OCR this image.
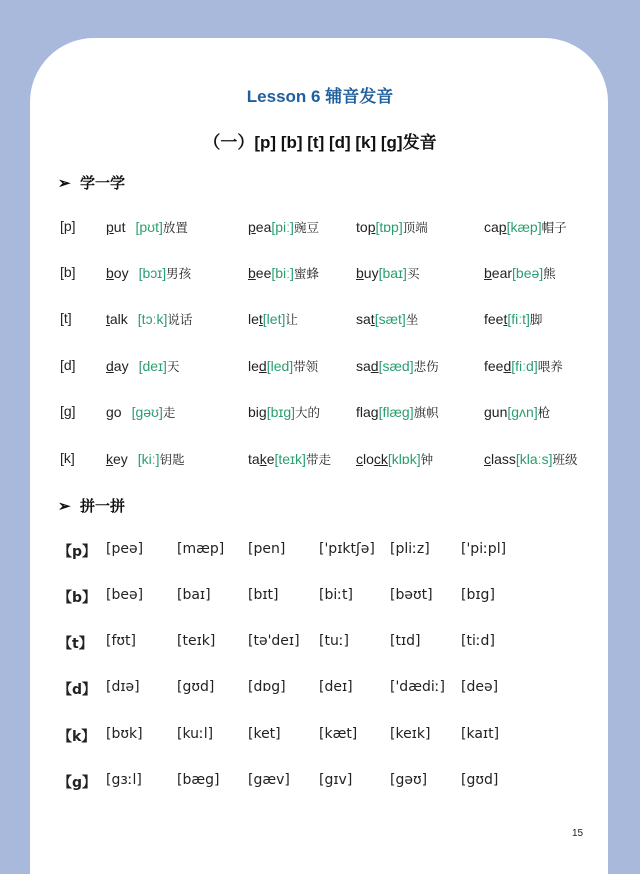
Lesson 6 辅音发音
（一）[p] [b] [t] [d] [k] [g]发音
➢ 学一学
[p] put [pʊt]放置	pea[piː]豌豆	top[tɒp]顶端	cap[kæp]帽子
[b] boy [bɔɪ]男孩	bee[biː]蜜蜂	buy[baɪ]买	bear[beə]熊
[t] talk [tɔːk]说话	let[let]让	sat[sæt]坐	feet[fiːt]脚
[d] day [deɪ]天	led[led]带领	sad[sæd]悲伤	feed[fiːd]喂养
[g] go [gəʊ]走	big[bɪg]大的	flag[flæg]旗帜	gun[gʌn]枪
[k] key [kiː]钥匙	take[teɪk]带走 clock[klɒk]钟	class[klaːs]班级
➢ 拼一拼
【p】 [peə] [mæp] [pen] ['pɪktʃə] [pliːz] ['piːpl]
【b】 [beə] [baɪ]	[bɪt]	[biːt]	[bəʊt] [bɪg]
【t】 [fʊt]	[teɪk] [tə'deɪ] [tuː]	[tɪd]	[tiːd]
【d】 [dɪə]	[gʊd] [dɒg] [deɪ]	['dædiː] [deə]
【k】 [bʊk] [kuːl] [ket]	[kæt] [keɪk] [kaɪt]
【g】 [gɜːl]	[bæg] [gæv] [gɪv]	[gəʊ] [gʊd]
15
